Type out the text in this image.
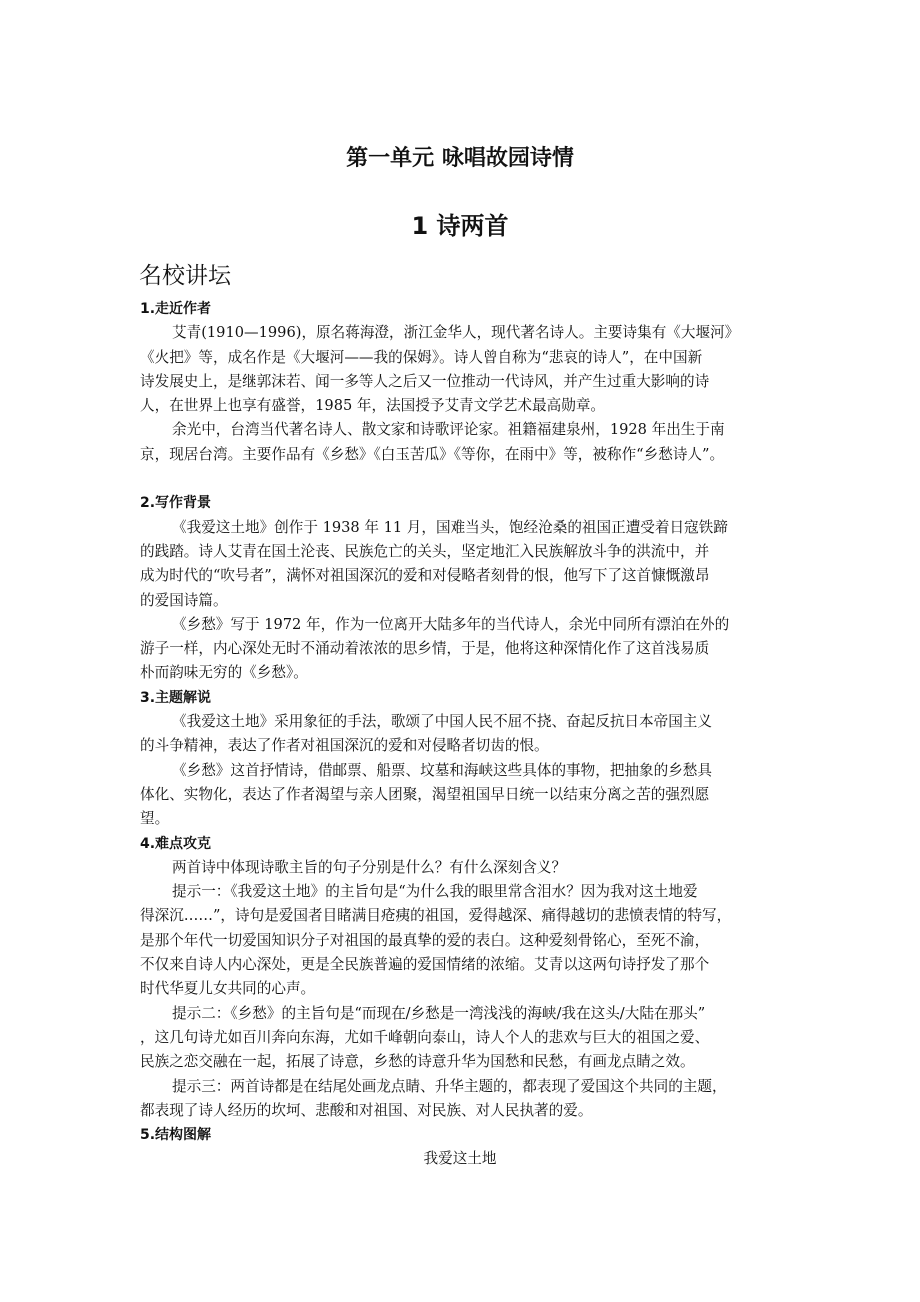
第一单元 咏唱故园诗情
1 诗两首
名校讲坛
1.走近作者
艾青(1910—1996)，原名蒋海澄，浙江金华人，现代著名诗人。主要诗集有《大堰河》
《火把》等，成名作是《大堰河——我的保姆》。诗人曾自称为“悲哀的诗人”，在中国新
诗发展史上，是继郭沫若、闻一多等人之后又一位推动一代诗风，并产生过重大影响的诗
人，在世界上也享有盛誉，1985 年，法国授予艾青文学艺术最高勋章。
余光中，台湾当代著名诗人、散文家和诗歌评论家。祖籍福建泉州，1928 年出生于南
京，现居台湾。主要作品有《乡愁》《白玉苦瓜》《等你，在雨中》等，被称作“乡愁诗人”。
2.写作背景
《我爱这土地》创作于 1938 年 11 月，国难当头，饱经沧桑的祖国正遭受着日寇铁蹄
的践踏。诗人艾青在国土沦丧、民族危亡的关头，坚定地汇入民族解放斗争的洪流中，并
成为时代的“吹号者”，满怀对祖国深沉的爱和对侵略者刻骨的恨，他写下了这首慷慨激昂
的爱国诗篇。
《乡愁》写于 1972 年，作为一位离开大陆多年的当代诗人，余光中同所有漂泊在外的
游子一样，内心深处无时不涌动着浓浓的思乡情，于是，他将这种深情化作了这首浅易质
朴而韵味无穷的《乡愁》。
3.主题解说
《我爱这土地》采用象征的手法，歌颂了中国人民不屈不挠、奋起反抗日本帝国主义
的斗争精神，表达了作者对祖国深沉的爱和对侵略者切齿的恨。
《乡愁》这首抒情诗，借邮票、船票、坟墓和海峡这些具体的事物，把抽象的乡愁具
体化、实物化，表达了作者渴望与亲人团聚，渴望祖国早日统一以结束分离之苦的强烈愿
望。
4.难点攻克
两首诗中体现诗歌主旨的句子分别是什么？有什么深刻含义？
提示一：《我爱这土地》的主旨句是“为什么我的眼里常含泪水？因为我对这土地爱
得深沉……”，诗句是爱国者目睹满目疮痍的祖国，爱得越深、痛得越切的悲愤表情的特写，
是那个年代一切爱国知识分子对祖国的最真挚的爱的表白。这种爱刻骨铭心，至死不渝，
不仅来自诗人内心深处，更是全民族普遍的爱国情绪的浓缩。艾青以这两句诗抒发了那个
时代华夏儿女共同的心声。
提示二：《乡愁》的主旨句是“而现在/乡愁是一湾浅浅的海峡/我在这头/大陆在那头”
，这几句诗尤如百川奔向东海，尤如千峰朝向泰山，诗人个人的悲欢与巨大的祖国之爱、
民族之恋交融在一起，拓展了诗意，乡愁的诗意升华为国愁和民愁，有画龙点睛之效。
提示三：两首诗都是在结尾处画龙点睛、升华主题的，都表现了爱国这个共同的主题，
都表现了诗人经历的坎坷、悲酸和对祖国、对民族、对人民执著的爱。
5.结构图解
我爱这土地
